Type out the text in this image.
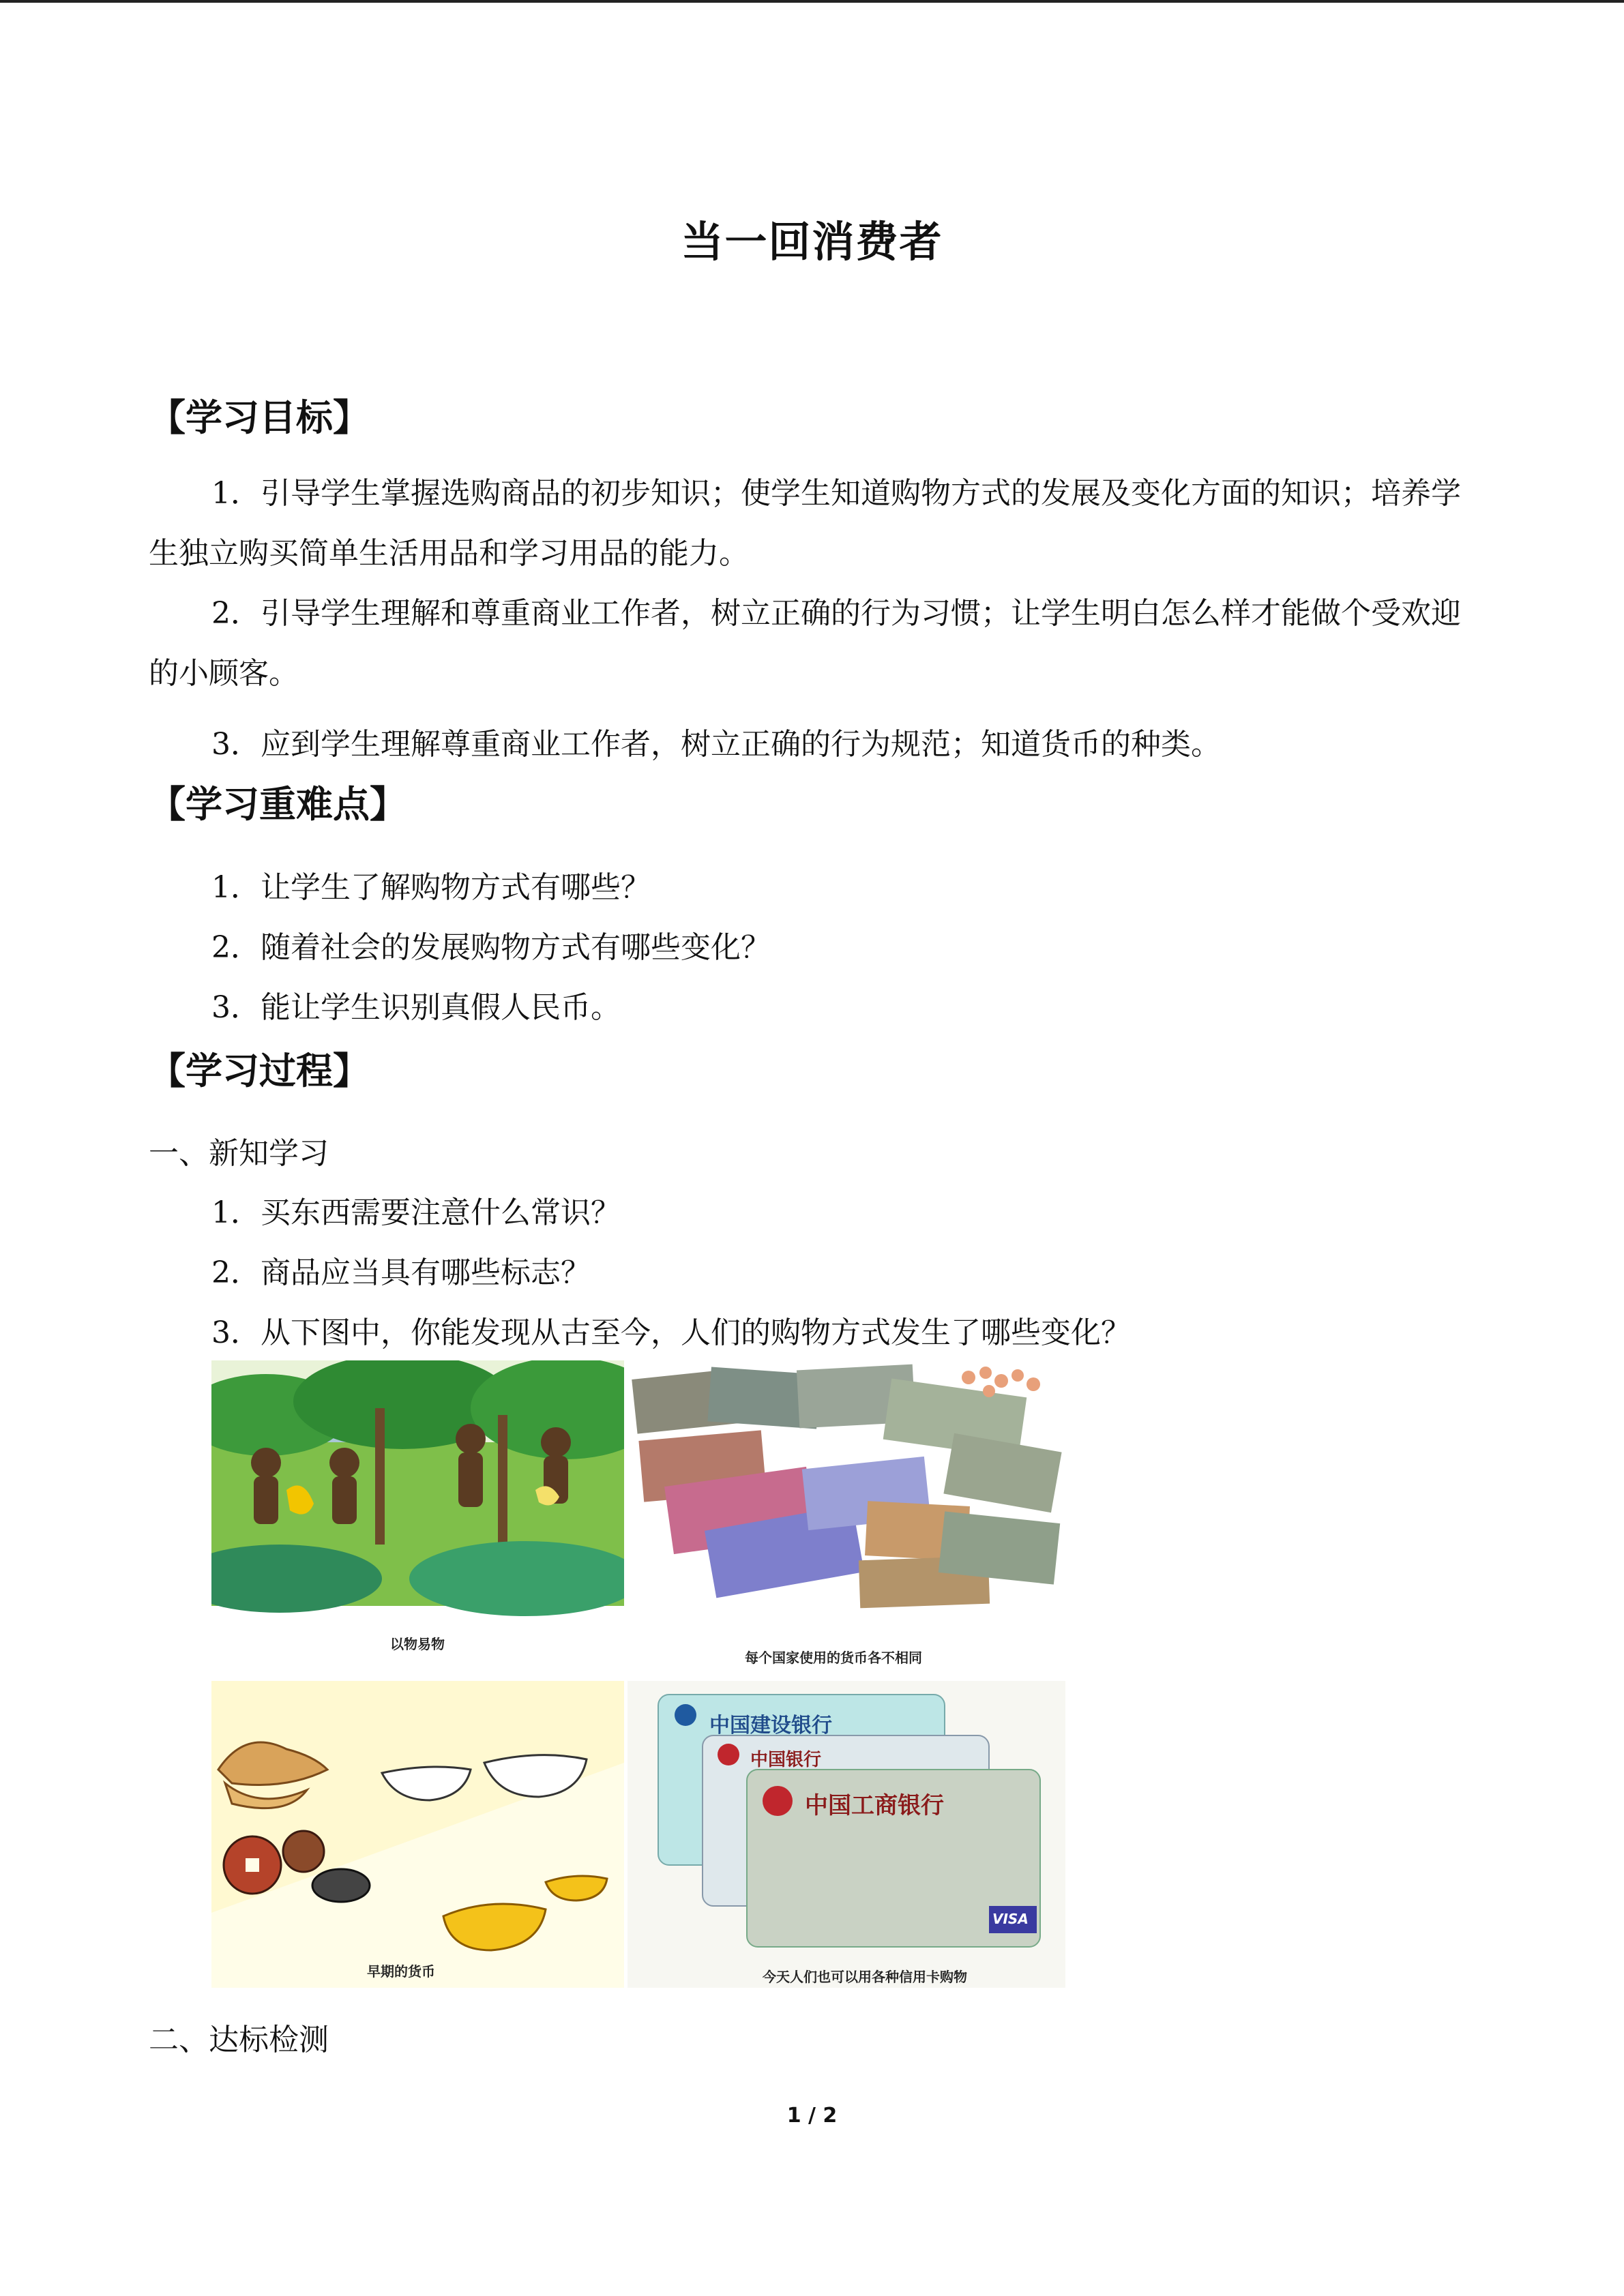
当一回消费者
【学习目标】
1．引导学生掌握选购商品的初步知识；使学生知道购物方式的发展及变化方面的知识；培养学生独立购买简单生活用品和学习用品的能力。
2．引导学生理解和尊重商业工作者，树立正确的行为习惯；让学生明白怎么样才能做个受欢迎的小顾客。
3．应到学生理解尊重商业工作者，树立正确的行为规范；知道货币的种类。
【学习重难点】
1．让学生了解购物方式有哪些？
2．随着社会的发展购物方式有哪些变化？
3．能让学生识别真假人民币。
【学习过程】
一、新知学习
1．买东西需要注意什么常识？
2．商品应当具有哪些标志？
3．从下图中，你能发现从古至今，人们的购物方式发生了哪些变化？
以物易物
每个国家使用的货币各不相同
早期的货币
中国建设银行
中国银行
中国工商银行
VISA
今天人们也可以用各种信用卡购物
二、达标检测
1 / 2
